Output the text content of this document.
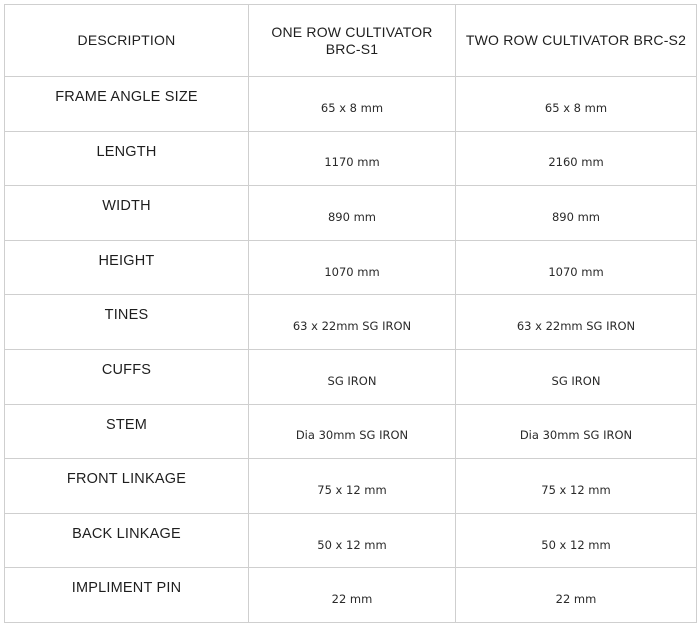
DESCRIPTION	ONE ROW CULTIVATOR BRC-S1	TWO ROW CULTIVATOR BRC-S2
FRAME ANGLE SIZE	65 x 8 mm	65 x 8 mm
LENGTH	1170 mm	2160 mm
WIDTH	890 mm	890 mm
HEIGHT	1070 mm	1070 mm
TINES	63 x 22mm SG IRON	63 x 22mm SG IRON
CUFFS	SG IRON	SG IRON
STEM	Dia 30mm SG IRON	Dia 30mm SG IRON
FRONT LINKAGE	75 x 12 mm	75 x 12 mm
BACK LINKAGE	50 x 12 mm	50 x 12 mm
IMPLIMENT PIN	22 mm	22 mm
